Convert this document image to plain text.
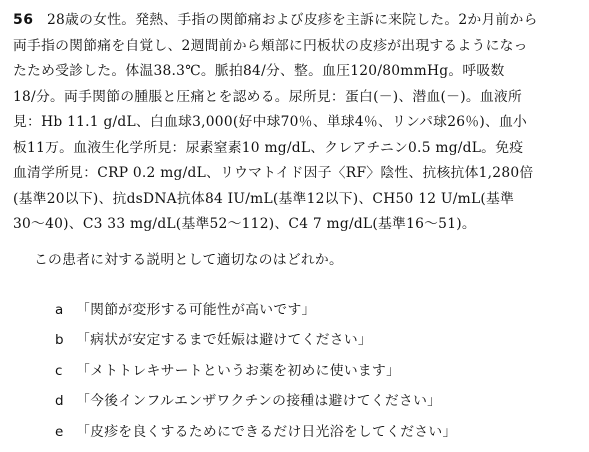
56 28歳の女性。発熱、手指の関節痛および皮疹を主訴に来院した。2か月前から
両手指の関節痛を自覚し、2週間前から頬部に円板状の皮疹が出現するようになっ
たため受診した。体温38.3℃。脈拍84/分、整。血圧120/80mmHg。呼吸数
18/分。両手関節の腫脹と圧痛とを認める。尿所見：蛋白(－)、潜血(－)。血液所
見：Hb 11.1 g/dL、白血球3,000(好中球70％、単球4％、リンパ球26％)、血小
板11万。血液生化学所見：尿素窒素10 mg/dL、クレアチニン0.5 mg/dL。免疫
血清学所見：CRP 0.2 mg/dL、リウマトイド因子〈RF〉陰性、抗核抗体1,280倍
(基準20以下)、抗dsDNA抗体84 IU/mL(基準12以下)、CH50 12 U/mL(基準
30〜40)、C3 33 mg/dL(基準52〜112)、C4 7 mg/dL(基準16〜51)。
この患者に対する説明として適切なのはどれか。
a 「関節が変形する可能性が高いです」
b 「病状が安定するまで妊娠は避けてください」
c 「メトトレキサートというお薬を初めに使います」
d 「今後インフルエンザワクチンの接種は避けてください」
e 「皮疹を良くするためにできるだけ日光浴をしてください」
